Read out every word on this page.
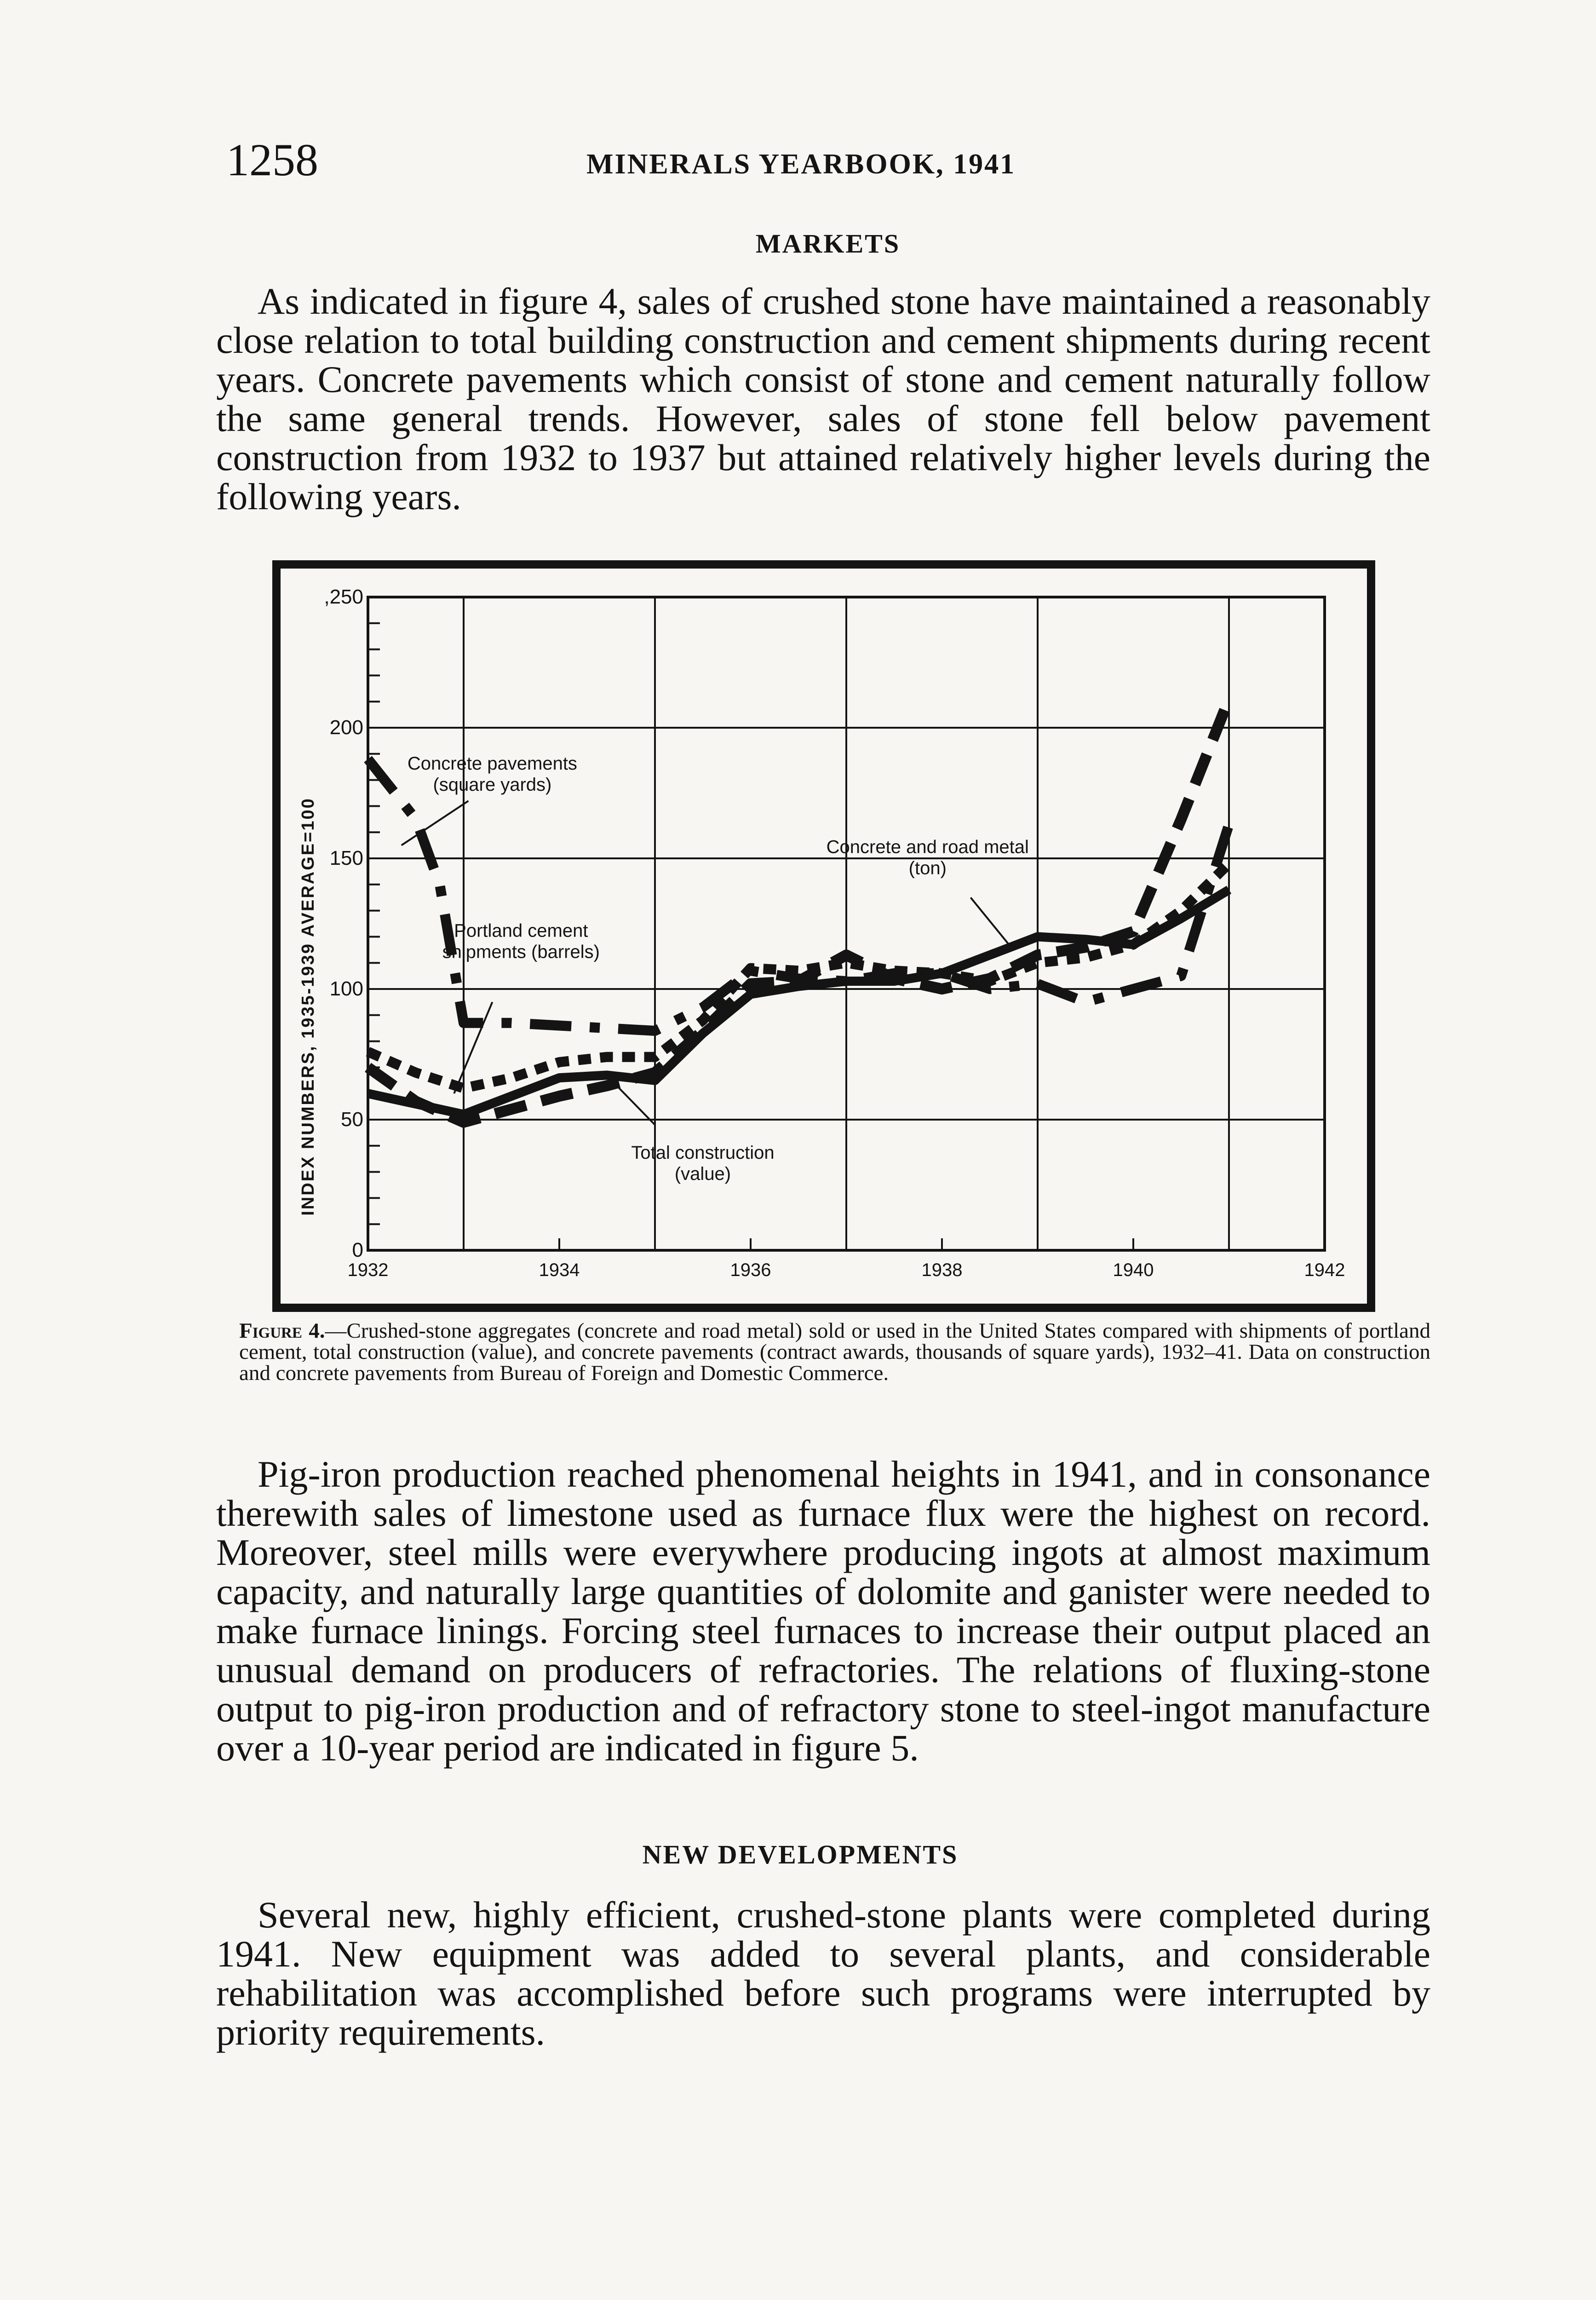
1258	MINERALS YEARBOOK, 1941
MARKETS
As indicated in figure 4, sales of crushed stone have maintained a reasonably close relation to total building construction and cement shipments during recent years. Concrete pavements which consist of stone and cement naturally follow the same general trends. However, sales of stone fell below pavement construction from 1932 to 1937 but attained relatively higher levels during the following years.
0
50
100
150
200
,250
1932	1934	1936	1938	1940	1942
INDEX NUMBERS, 1935-1939 AVERAGE=100
Concrete pavements
(square yards)
Portland cement
shipments (barrels)
Concrete and road metal
(ton)
Total construction
(value)
Figure 4.—Crushed-stone aggregates (concrete and road metal) sold or used in the United States compared with shipments of portland cement, total construction (value), and concrete pavements (contract awards, thousands of square yards), 1932–41. Data on construction and concrete pavements from Bureau of Foreign and Domestic Commerce.
Pig-iron production reached phenomenal heights in 1941, and in consonance therewith sales of limestone used as furnace flux were the highest on record. Moreover, steel mills were everywhere producing ingots at almost maximum capacity, and naturally large quantities of dolomite and ganister were needed to make furnace linings. Forcing steel furnaces to increase their output placed an unusual demand on producers of refractories. The relations of fluxing-stone output to pig-iron production and of refractory stone to steel-ingot manufacture over a 10-year period are indicated in figure 5.
NEW DEVELOPMENTS
Several new, highly efficient, crushed-stone plants were completed during 1941. New equipment was added to several plants, and considerable rehabilitation was accomplished before such programs were interrupted by priority requirements.
